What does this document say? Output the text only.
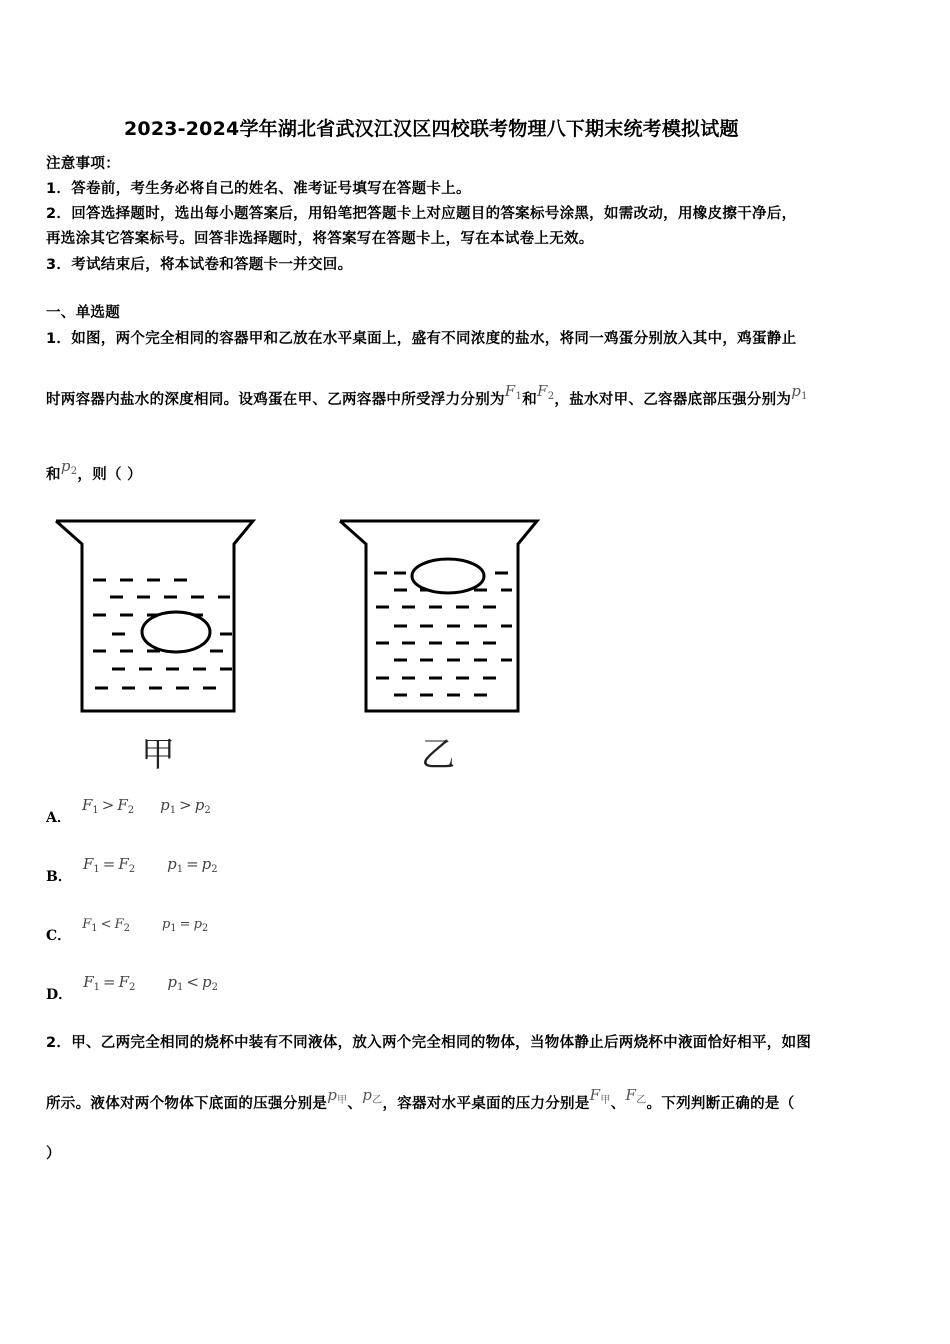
2023-2024学年湖北省武汉江汉区四校联考物理八下期末统考模拟试题
注意事项：
1．答卷前，考生务必将自己的姓名、准考证号填写在答题卡上。
2．回答选择题时，选出每小题答案后，用铅笔把答题卡上对应题目的答案标号涂黑，如需改动，用橡皮擦干净后，
再选涂其它答案标号。回答非选择题时，将答案写在答题卡上，写在本试卷上无效。
3．考试结束后，将本试卷和答题卡一并交回。
一、单选题
1．如图，两个完全相同的容器甲和乙放在水平桌面上，盛有不同浓度的盐水，将同一鸡蛋分别放入其中，鸡蛋静止
时两容器内盐水的深度相同。设鸡蛋在甲、乙两容器中所受浮力分别为$F_1$和$F_2$，盐水对甲、乙容器底部压强分别为$p_1$
和$p_2$，则（ ）
甲	乙
A． $F_1 > F_2$ $p_1 > p_2$
B． $F_1 = F_2$ $p_1 = p_2$
C． $F_1 < F_2$ $p_1 = p_2$
D． $F_1 = F_2$ $p_1 < p_2$
2．甲、乙两完全相同的烧杯中装有不同液体，放入两个完全相同的物体，当物体静止后两烧杯中液面恰好相平，如图
所示。液体对两个物体下底面的压强分别是$p_甲$、$p_乙$，容器对水平桌面的压力分别是$F_甲$、$F_乙$。下列判断正确的是（
）
